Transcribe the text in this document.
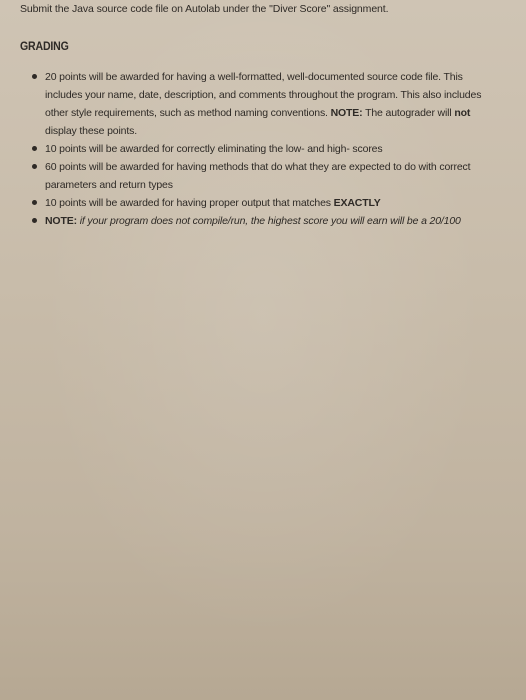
Submit the Java source code file on Autolab under the "Diver Score" assignment.
GRADING
20 points will be awarded for having a well-formatted, well-documented source code file. This includes your name, date, description, and comments throughout the program. This also includes other style requirements, such as method naming conventions. NOTE: The autograder will not display these points.
10 points will be awarded for correctly eliminating the low- and high- scores
60 points will be awarded for having methods that do what they are expected to do with correct parameters and return types
10 points will be awarded for having proper output that matches EXACTLY
NOTE: if your program does not compile/run, the highest score you will earn will be a 20/100
